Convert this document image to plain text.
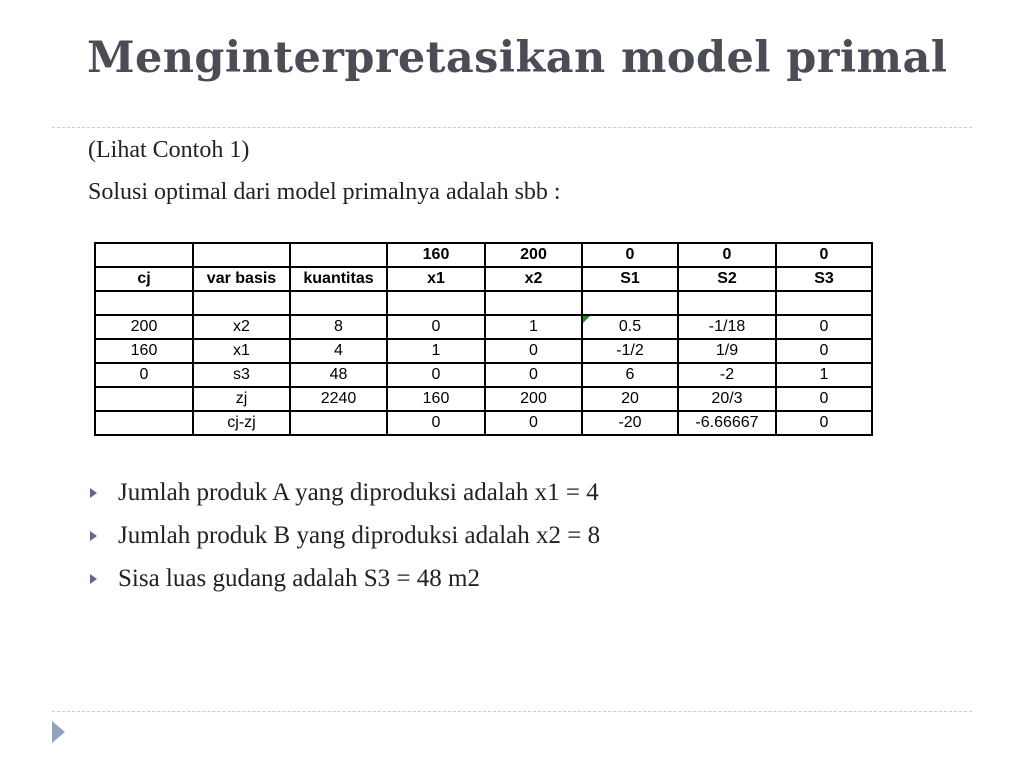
Menginterpretasikan model primal

(Lihat Contoh 1)

Solusi optimal dari model primalnya adalah sbb :

			160	200	0	0	0
cj	var basis	kuantitas	x1	x2	S1	S2	S3

200	x2	8	0	1	0.5	-1/18	0
160	x1	4	1	0	-1/2	1/9	0
0	s3	48	0	0	6	-2	1
	zj	2240	160	200	20	20/3	0
	cj-zj		0	0	-20	-6.66667	0
Jumlah produk A yang diproduksi adalah x1 = 4
Jumlah produk B yang diproduksi adalah x2 = 8
Sisa luas gudang adalah S3 = 48 m2
